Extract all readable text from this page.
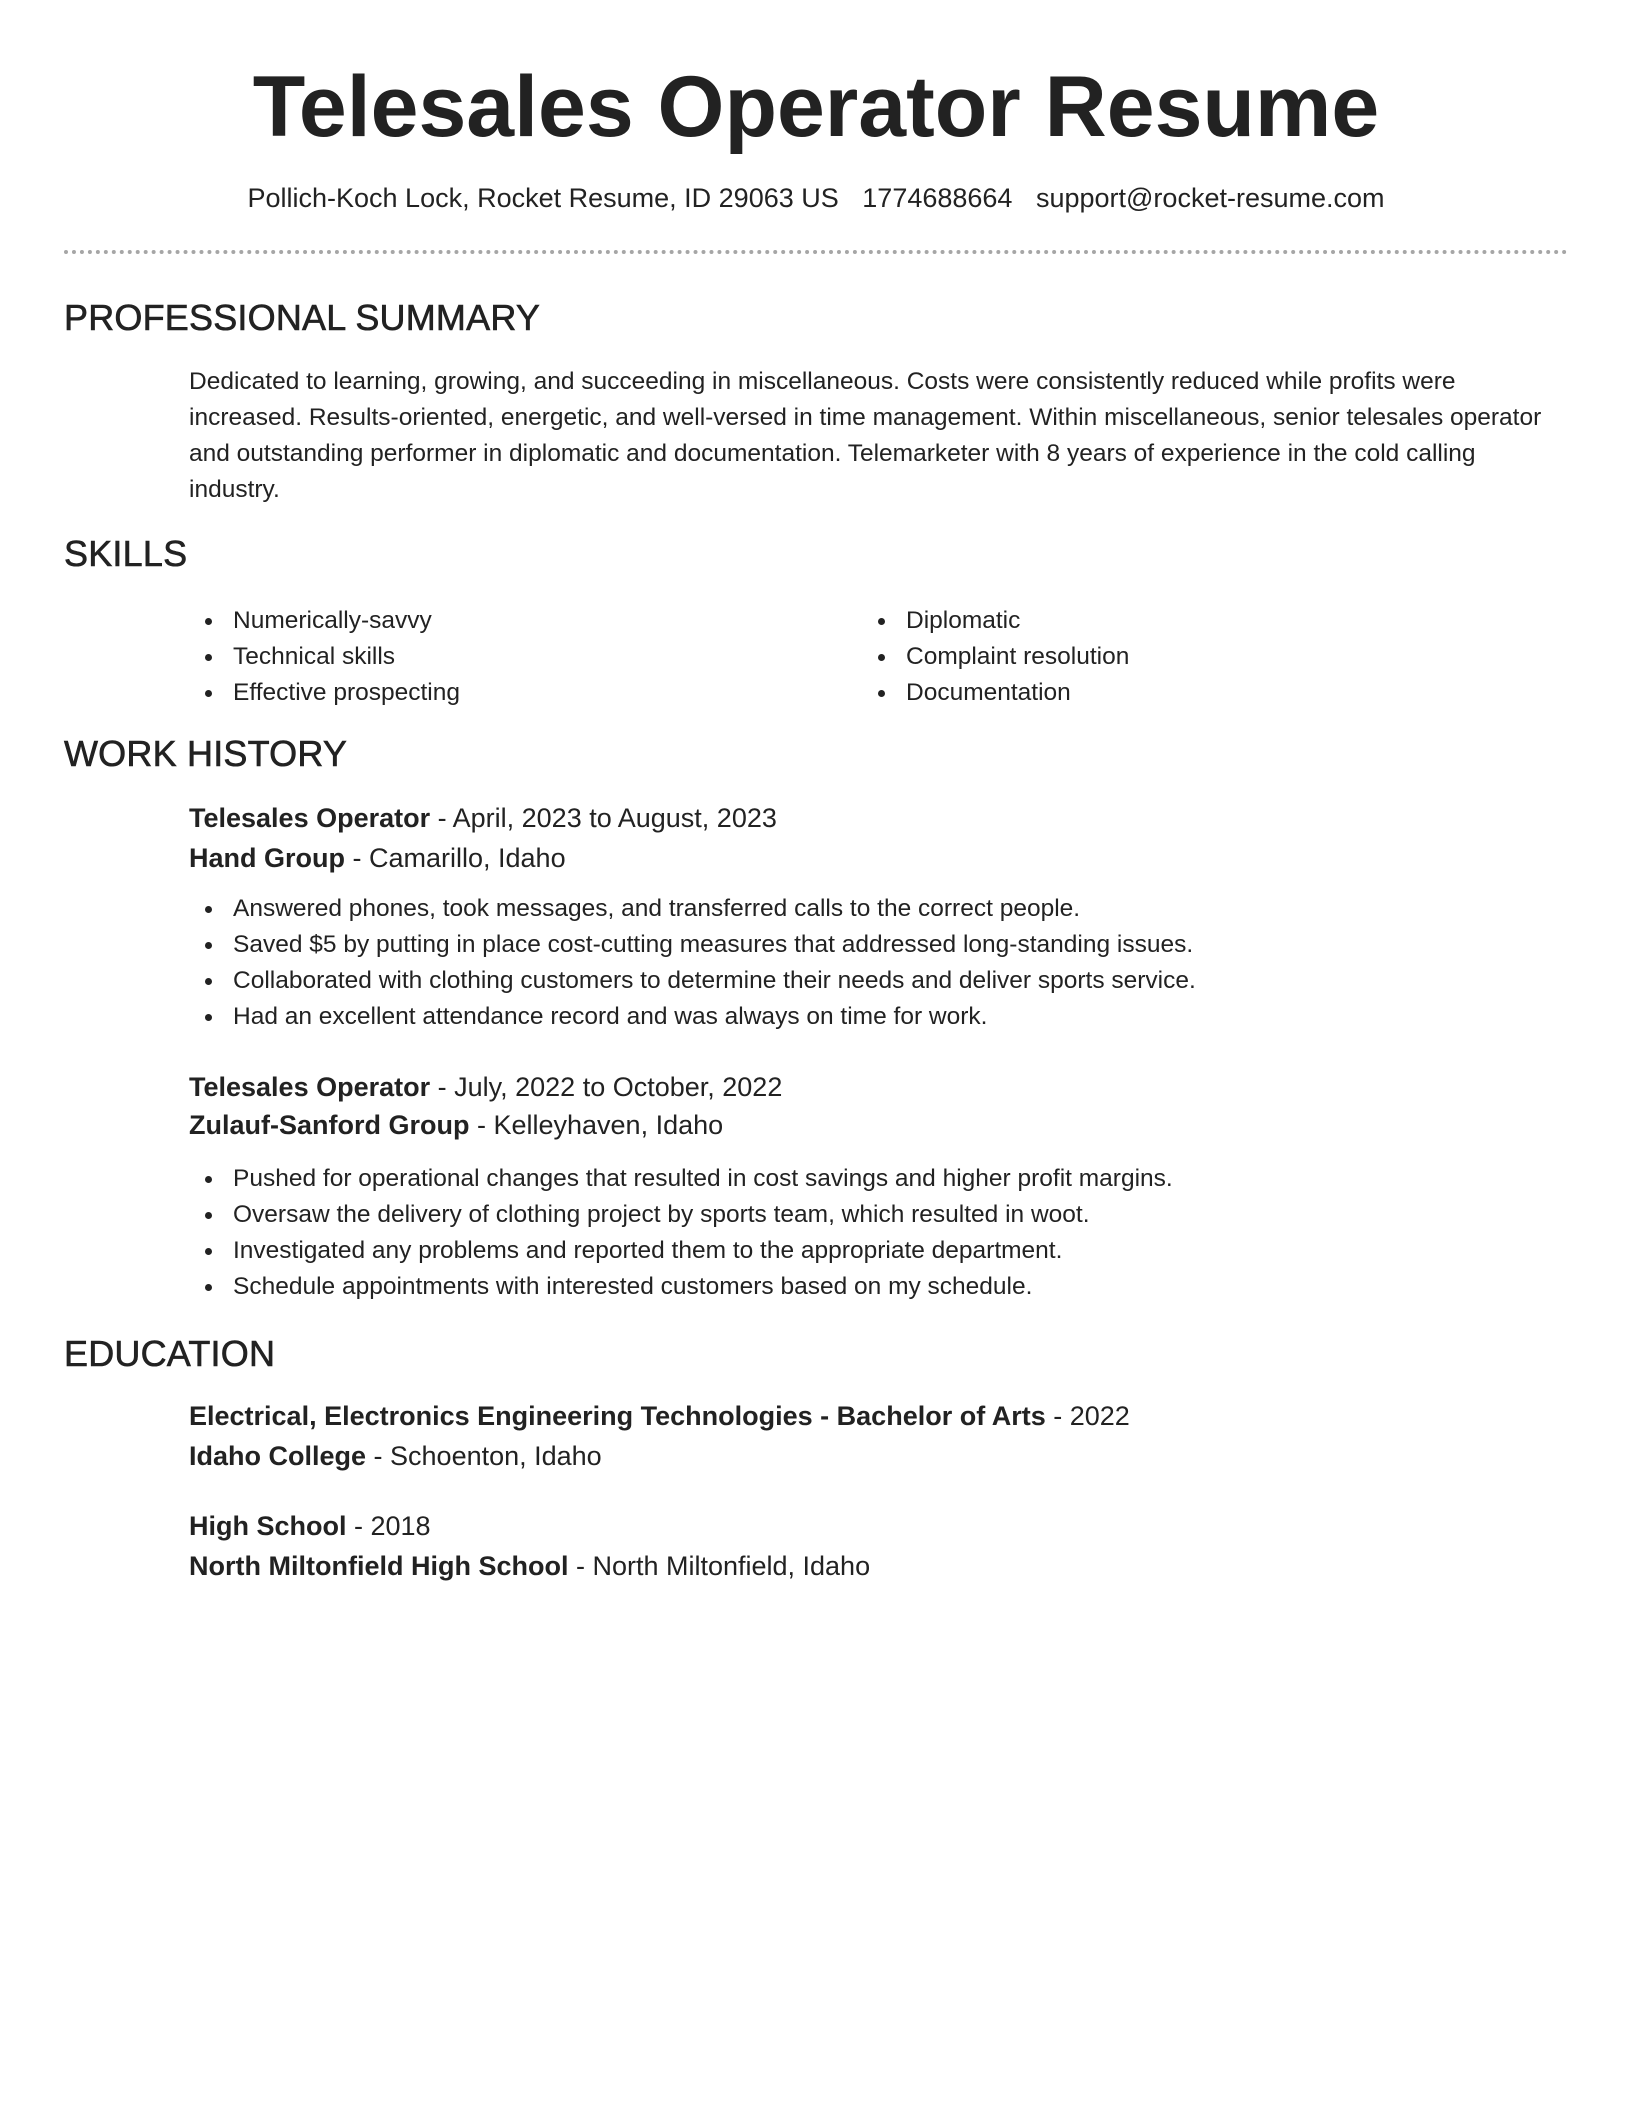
Telesales Operator Resume
Pollich-Koch Lock, Rocket Resume, ID 29063 US 1774688664 support@rocket-resume.com
PROFESSIONAL SUMMARY
Dedicated to learning, growing, and succeeding in miscellaneous. Costs were consistently reduced while profits were increased. Results-oriented, energetic, and well-versed in time management. Within miscellaneous, senior telesales operator and outstanding performer in diplomatic and documentation. Telemarketer with 8 years of experience in the cold calling industry.
SKILLS
Numerically-savvy
Technical skills
Effective prospecting
Diplomatic
Complaint resolution
Documentation
WORK HISTORY
Telesales Operator - April, 2023 to August, 2023
Hand Group - Camarillo, Idaho
Answered phones, took messages, and transferred calls to the correct people.
Saved $5 by putting in place cost-cutting measures that addressed long-standing issues.
Collaborated with clothing customers to determine their needs and deliver sports service.
Had an excellent attendance record and was always on time for work.
Telesales Operator - July, 2022 to October, 2022
Zulauf-Sanford Group - Kelleyhaven, Idaho
Pushed for operational changes that resulted in cost savings and higher profit margins.
Oversaw the delivery of clothing project by sports team, which resulted in woot.
Investigated any problems and reported them to the appropriate department.
Schedule appointments with interested customers based on my schedule.
EDUCATION
Electrical, Electronics Engineering Technologies - Bachelor of Arts - 2022
Idaho College - Schoenton, Idaho
High School - 2018
North Miltonfield High School - North Miltonfield, Idaho
